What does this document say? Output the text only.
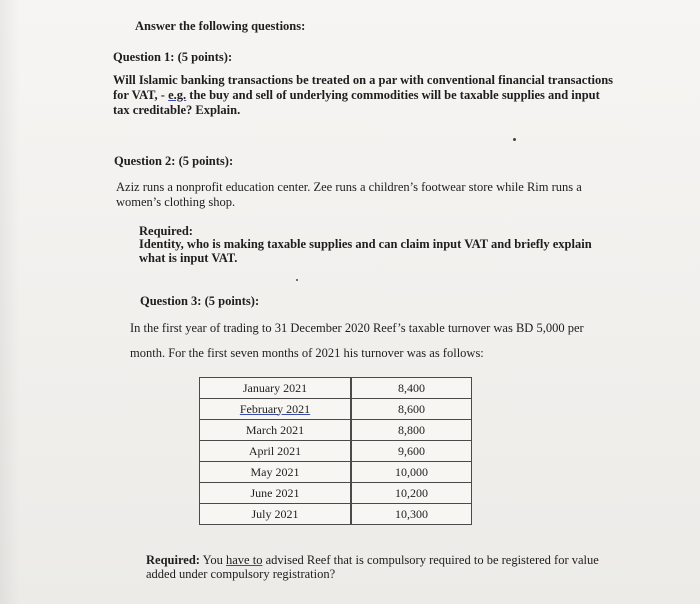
Answer the following questions:
Question 1: (5 points):
Will Islamic banking transactions be treated on a par with conventional financial transactions
for VAT, - e.g. the buy and sell of underlying commodities will be taxable supplies and input
tax creditable? Explain.
Question 2: (5 points):
Aziz runs a nonprofit education center. Zee runs a children’s footwear store while Rim runs a
women’s clothing shop.
Required:
Identity, who is making taxable supplies and can claim input VAT and briefly explain
what is input VAT.
Question 3: (5 points):
In the first year of trading to 31 December 2020 Reef’s taxable turnover was BD 5,000 per
month. For the first seven months of 2021 his turnover was as follows:
January 2021		8,400
February 2021		8,600
March 2021		8,800
April 2021		9,600
May 2021		10,000
June 2021		10,200
July 2021		10,300
Required: You have to advised Reef that is compulsory required to be registered for value
added under compulsory registration?
